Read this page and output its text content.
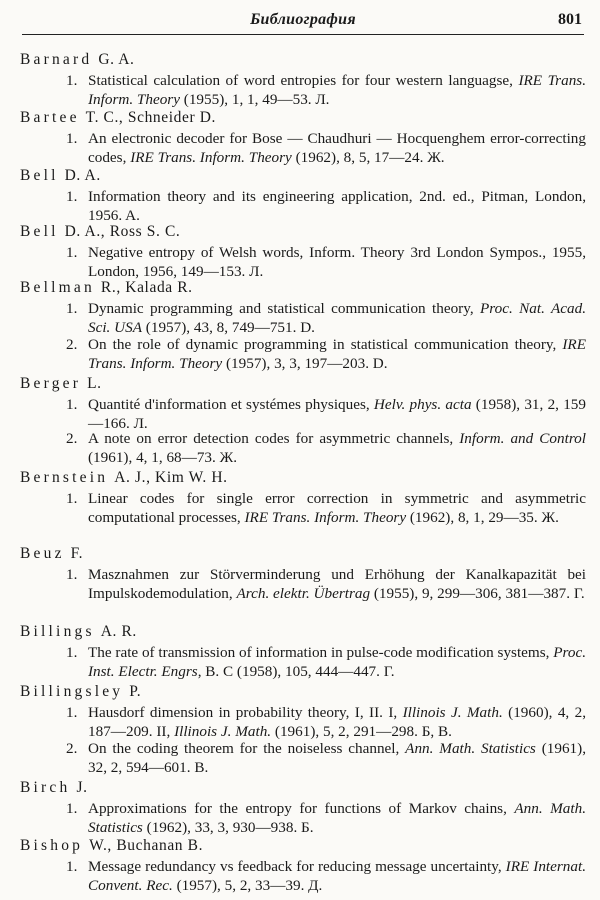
Библиография	801
Barnard G. A.
1. Statistical calculation of word entropies for four western languagse, IRE Trans. Inform. Theory (1955), 1, 1, 49—53. Л.
Bartee T. C., Schneider D.
1. An electronic decoder for Bose — Chaudhuri — Hocquenghem error-correcting codes, IRE Trans. Inform. Theory (1962), 8, 5, 17—24. Ж.
Bell D. A.
1. Information theory and its engineering application, 2nd. ed., Pitman, London, 1956. A.
Bell D. A., Ross S. C.
1. Negative entropy of Welsh words, Inform. Theory 3rd London Sympos., 1955, London, 1956, 149—153. Л.
Bellman R., Kalada R.
1. Dynamic programming and statistical communication theory, Proc. Nat. Acad. Sci. USA (1957), 43, 8, 749—751. D.
2. On the role of dynamic programming in statistical communication theory, IRE Trans. Inform. Theory (1957), 3, 3, 197—203. D.
Berger L.
1. Quantité d'information et systémes physiques, Helv. phys. acta (1958), 31, 2, 159—166. Л.
2. A note on error detection codes for asymmetric channels, Inform. and Control (1961), 4, 1, 68—73. Ж.
Bernstein A. J., Kim W. H.
1. Linear codes for single error correction in symmetric and asymmetric computational processes, IRE Trans. Inform. Theory (1962), 8, 1, 29—35. Ж.
Beuz F.
1. Masznahmen zur Störverminderung und Erhöhung der Kanalkapazität bei Impulskodemodulation, Arch. elektr. Übertrag (1955), 9, 299—306, 381—387. Г.
Billings A. R.
1. The rate of transmission of information in pulse-code modification systems, Proc. Inst. Electr. Engrs, B. C (1958), 105, 444—447. Г.
Billingsley P.
1. Hausdorf dimension in probability theory, I, II. I, Illinois J. Math. (1960), 4, 2, 187—209. II, Illinois J. Math. (1961), 5, 2, 291—298. Б, B.
2. On the coding theorem for the noiseless channel, Ann. Math. Statistics (1961), 32, 2, 594—601. B.
Birch J.
1. Approximations for the entropy for functions of Markov chains, Ann. Math. Statistics (1962), 33, 3, 930—938. Б.
Bishop W., Buchanan B.
1. Message redundancy vs feedback for reducing message uncertainty, IRE Internat. Convent. Rec. (1957), 5, 2, 33—39. Д.
